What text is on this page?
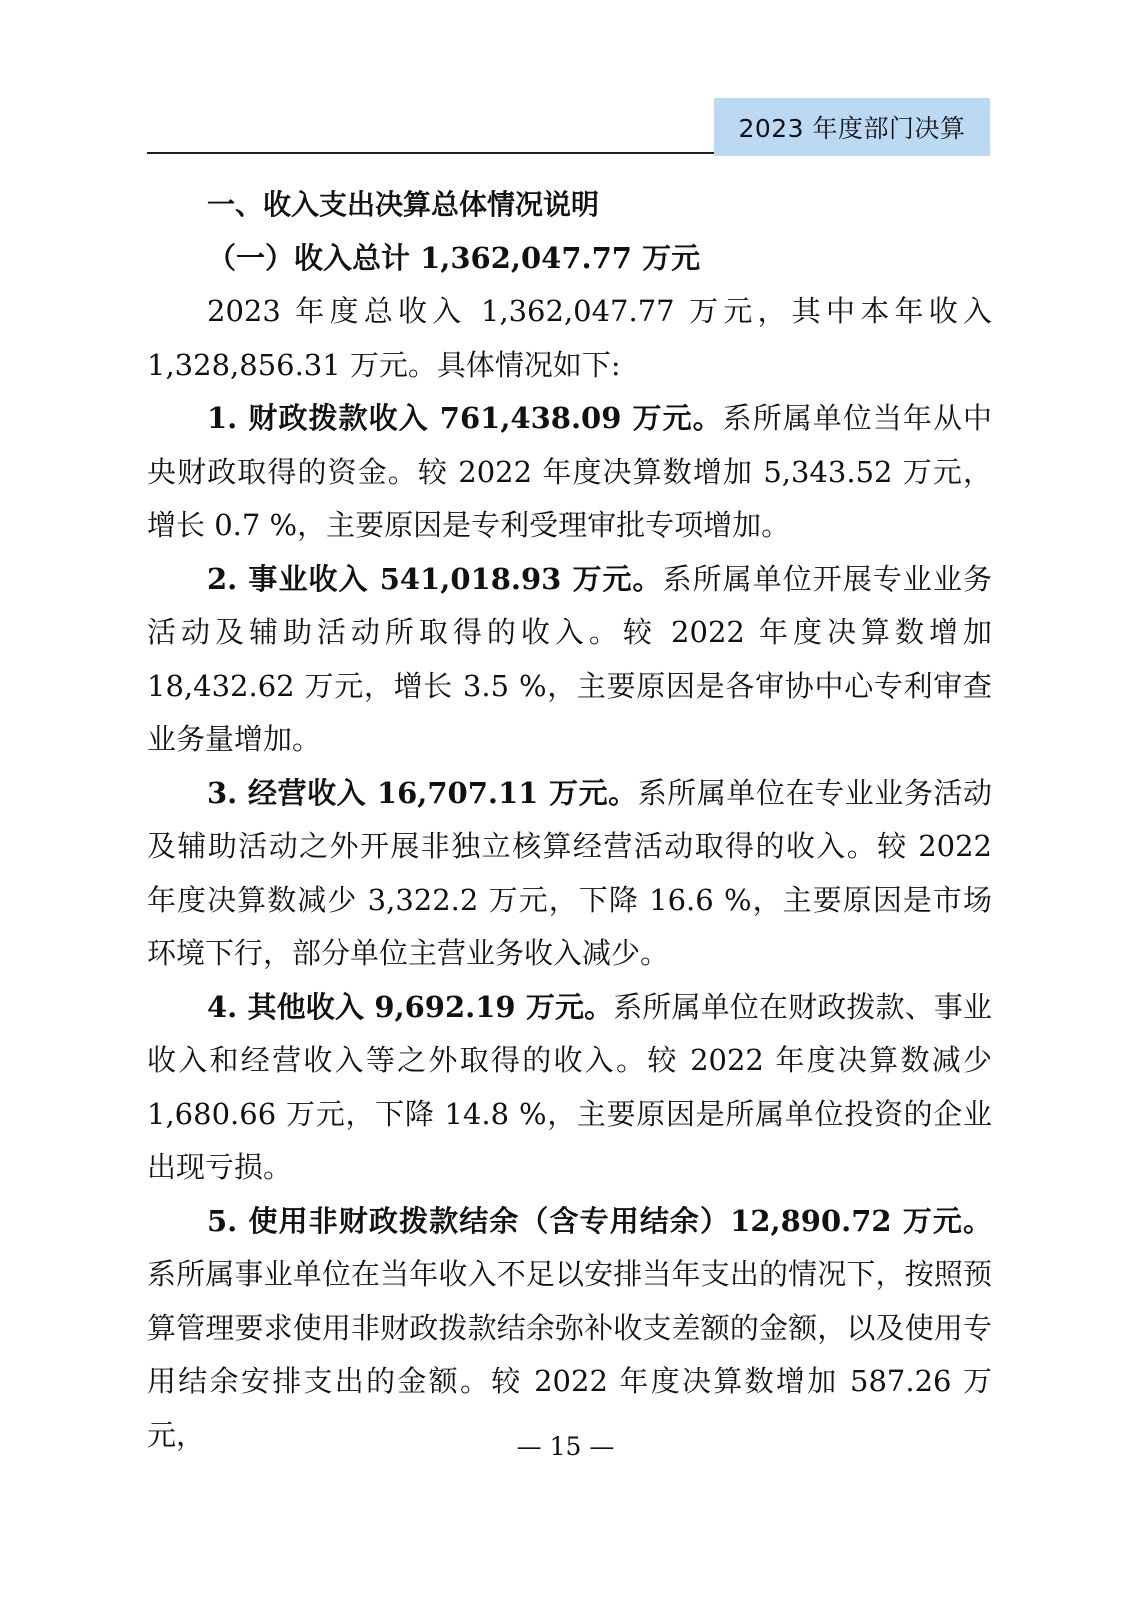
2023 年度部门决算

一、收入支出决算总体情况说明

（一）收入总计 1,362,047.77 万元

2023 年度总收入 1,362,047.77 万元，其中本年收入 1,328,856.31 万元。具体情况如下:

1. 财政拨款收入 761,438.09 万元。系所属单位当年从中央财政取得的资金。较 2022 年度决算数增加 5,343.52 万元，增长 0.7 %，主要原因是专利受理审批专项增加。

2. 事业收入 541,018.93 万元。系所属单位开展专业业务活动及辅助活动所取得的收入。较 2022 年度决算数增加 18,432.62 万元，增长 3.5 %，主要原因是各审协中心专利审查业务量增加。

3. 经营收入 16,707.11 万元。系所属单位在专业业务活动及辅助活动之外开展非独立核算经营活动取得的收入。较 2022 年度决算数减少 3,322.2 万元，下降 16.6 %，主要原因是市场环境下行，部分单位主营业务收入减少。

4. 其他收入 9,692.19 万元。系所属单位在财政拨款、事业收入和经营收入等之外取得的收入。较 2022 年度决算数减少 1,680.66 万元，下降 14.8 %，主要原因是所属单位投资的企业出现亏损。

5. 使用非财政拨款结余（含专用结余）12,890.72 万元。系所属事业单位在当年收入不足以安排当年支出的情况下，按照预算管理要求使用非财政拨款结余弥补收支差额的金额，以及使用专用结余安排支出的金额。较 2022 年度决算数增加 587.26 万元，	— 15 —
